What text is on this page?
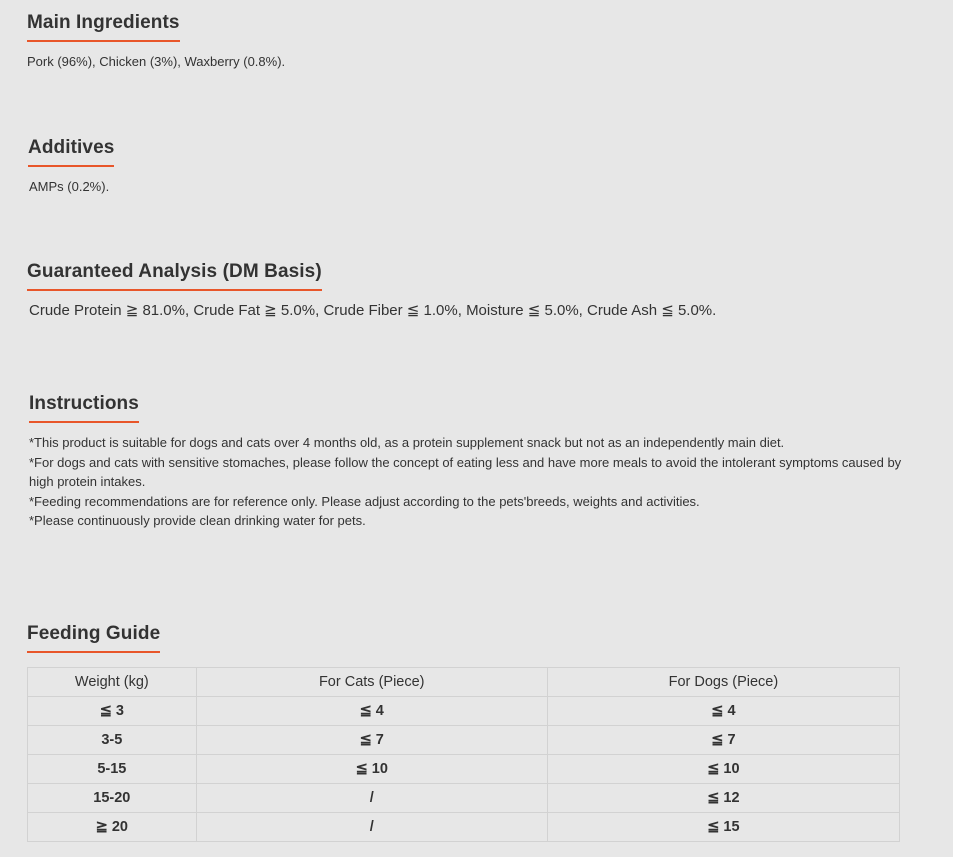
Main Ingredients
Pork (96%), Chicken (3%), Waxberry (0.8%).
Additives
AMPs (0.2%).
Guaranteed Analysis (DM Basis)
Crude Protein ≧ 81.0%, Crude Fat ≧ 5.0%, Crude Fiber ≦ 1.0%, Moisture ≦ 5.0%, Crude Ash ≦ 5.0%.
Instructions
*This product is suitable for dogs and cats over 4 months old, as a protein supplement snack but not as an independently main diet.
*For dogs and cats with sensitive stomaches, please follow the concept of eating less and have more meals to avoid the intolerant symptoms caused by high protein intakes.
*Feeding recommendations are for reference only. Please adjust according to the pets'breeds, weights and activities.
*Please continuously provide clean drinking water for pets.
Feeding Guide
Weight (kg)	For Cats (Piece)	For Dogs (Piece)
≦ 3	≦ 4	≦ 4
3-5	≦ 7	≦ 7
5-15	≦ 10	≦ 10
15-20	/	≦ 12
≧ 20	/	≦ 15
